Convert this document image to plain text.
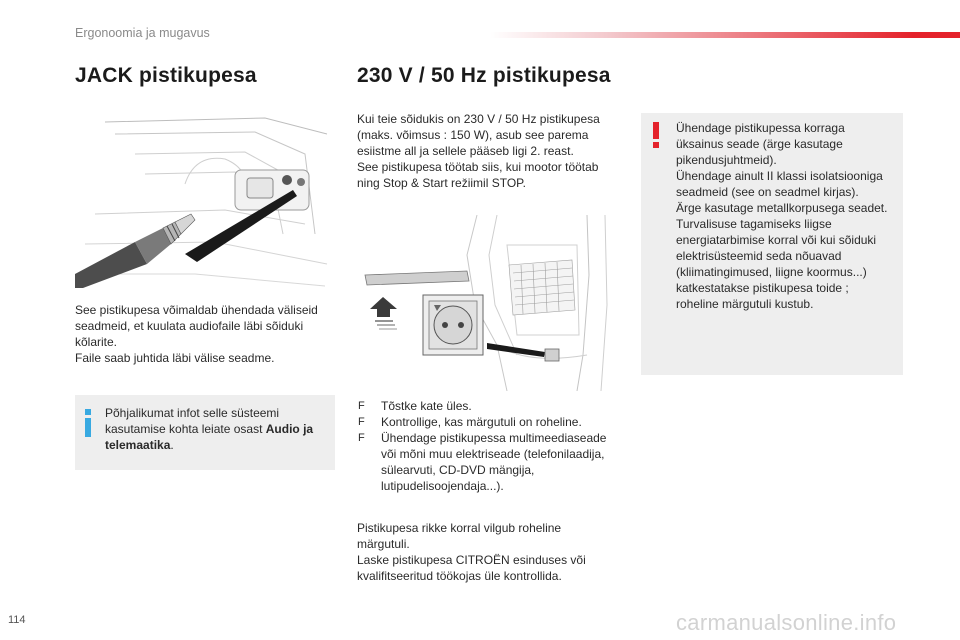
Ergonoomia ja mugavus
JACK pistikupesa	230 V / 50 Hz pistikupesa

See pistikupesa võimaldab ühendada väliseid

seadmeid, et kuulata audiofaile läbi sõiduki

kõlarite.

Faile saab juhtida läbi välise seadme.

Põhjalikumat infot selle süsteemi
kasutamise kohta leiate osast Audio ja
telemaatika.

Kui teie sõidukis on 230 V / 50 Hz pistikupesa

(maks. võimsus : 150 W), asub see parema

esiistme all ja sellele pääseb ligi 2. reast.

See pistikupesa töötab siis, kui mootor töötab

ning Stop & Start režiimil STOP.

F Tõstke kate üles.
F Kontrollige, kas märgutuli on roheline.
F Ühendage pistikupessa multimeediaseade
või mõni muu elektriseade (telefonilaadija,
sülearvuti, CD-DVD mängija,
lutipudelisoojendaja...).

Pistikupesa rikke korral vilgub roheline

märgutuli.

Laske pistikupesa CITROËN esinduses või

kvalifitseeritud töökojas üle kontrollida.

Ühendage pistikupessa korraga
üksainus seade (ärge kasutage
pikendusjuhtmeid).
Ühendage ainult II klassi isolatsiooniga
seadmeid (see on seadmel kirjas).
Ärge kasutage metallkorpusega seadet.
Turvalisuse tagamiseks liigse
energiatarbimise korral või kui sõiduki
elektrisüsteemid seda nõuavad
(kliimatingimused, liigne koormus...)
katkestatakse pistikupesa toide ;
roheline märgutuli kustub.
114	carmanualsonline.info
